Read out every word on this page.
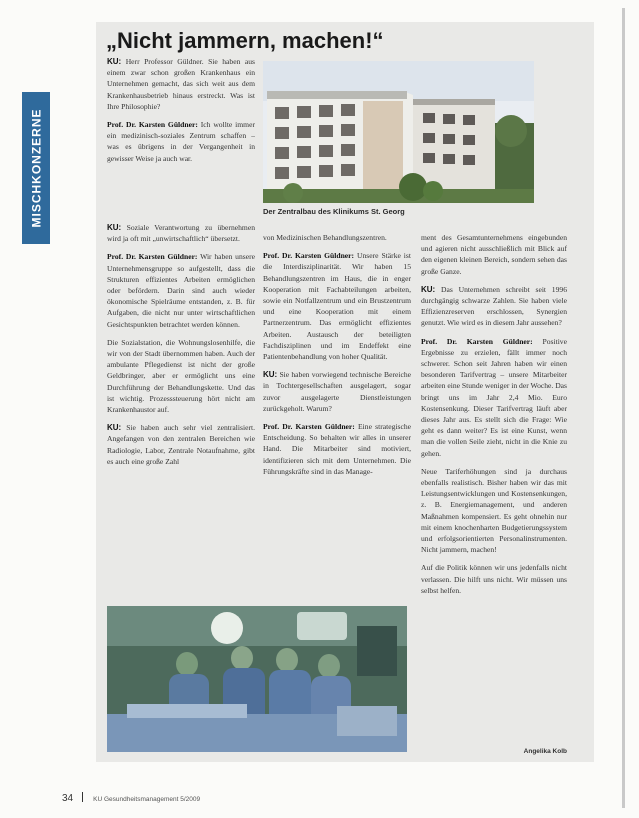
MISCHKONZERNE
„Nicht jammern, machen!“
Der Zentralbau des Klinikums St. Georg

KU: Herr Professor Güldner. Sie haben aus einem zwar schon großen Krankenhaus ein Unternehmen gemacht, das sich weit aus dem Krankenhausbetrieb hinaus erstreckt. Was ist Ihre Philosophie?

Prof. Dr. Karsten Güldner: Ich wollte immer ein medizinisch-soziales Zentrum schaffen – was es übrigens in der Vergangenheit in gewisser Weise ja auch war.

KU: Soziale Verantwortung zu übernehmen wird ja oft mit „unwirtschaftlich“ übersetzt.

Prof. Dr. Karsten Güldner: Wir haben unsere Unternehmensgruppe so aufgestellt, dass die Strukturen effizientes Arbeiten ermöglichen oder befördern. Darin sind auch wieder ökonomische Spielräume entstanden, z. B. für Aufgaben, die nicht nur unter wirtschaftlichen Gesichtspunkten betrachtet werden können.

Die Sozialstation, die Wohnungslosenhilfe, die wir von der Stadt übernommen haben. Auch der ambulante Pflegedienst ist nicht der große Geldbringer, aber er ermöglicht uns eine Durchführung der Behandlungskette. Und das ist wichtig. Prozesssteuerung hört nicht am Krankenhaustor auf.

KU: Sie haben auch sehr viel zentralisiert. Angefangen von den zentralen Bereichen wie Radiologie, Labor, Zentrale Notaufnahme, gibt es auch eine große Zahl

von Medizinischen Behandlungszentren.

Prof. Dr. Karsten Güldner: Unsere Stärke ist die Interdisziplinarität. Wir haben 15 Behandlungszentren im Haus, die in enger Kooperation mit Fachabteilungen arbeiten, sowie ein Notfallzentrum und ein Brustzentrum und eine Kooperation mit einem Partnerzentrum. Das ermöglicht effizientes Arbeiten. Austausch der beteiligten Fachdisziplinen und im Endeffekt eine Patientenbehandlung von hoher Qualität.

KU: Sie haben vorwiegend technische Bereiche in Tochtergesellschaften ausgelagert, sogar zuvor ausgelagerte Dienstleistungen zurückgeholt. Warum?

Prof. Dr. Karsten Güldner: Eine strategische Entscheidung. So behalten wir alles in unserer Hand. Die Mitarbeiter sind motiviert, identifizieren sich mit dem Unternehmen. Die Führungskräfte sind in das Manage-

ment des Gesamtunternehmens eingebunden und agieren nicht ausschließlich mit Blick auf den eigenen kleinen Bereich, sondern sehen das große Ganze.

KU: Das Unternehmen schreibt seit 1996 durchgängig schwarze Zahlen. Sie haben viele Effizienzreserven erschlossen, Synergien genutzt. Wie wird es in diesem Jahr aussehen?

Prof. Dr. Karsten Güldner: Positive Ergebnisse zu erzielen, fällt immer noch schwerer. Schon seit Jahren haben wir einen besonderen Tarifvertrag – unsere Mitarbeiter arbeiten eine Stunde weniger in der Woche. Das bringt uns im Jahr 2,4 Mio. Euro Kostensenkung. Dieser Tarifvertrag läuft aber dieses Jahr aus. Es stellt sich die Frage: Wie geht es dann weiter? Es ist eine Kunst, wenn man die vollen Seile zieht, nicht in die Knie zu gehen.

Neue Tariferhöhungen sind ja durchaus ebenfalls realistisch. Bisher haben wir das mit Leistungsentwicklungen und Kostensenkungen, z. B. Energiemanagement, und anderen Maßnahmen kompensiert. Es geht ohnehin nur mit einem knochenharten Budgetierungssystem und erfolgsorientierten Personalinstrumenten. Nicht jammern, machen!

Auf die Politik können wir uns jedenfalls nicht verlassen. Die hilft uns nicht. Wir müssen uns selbst helfen.

Angelika Kolb
34	KU Gesundheitsmanagement 5/2009
